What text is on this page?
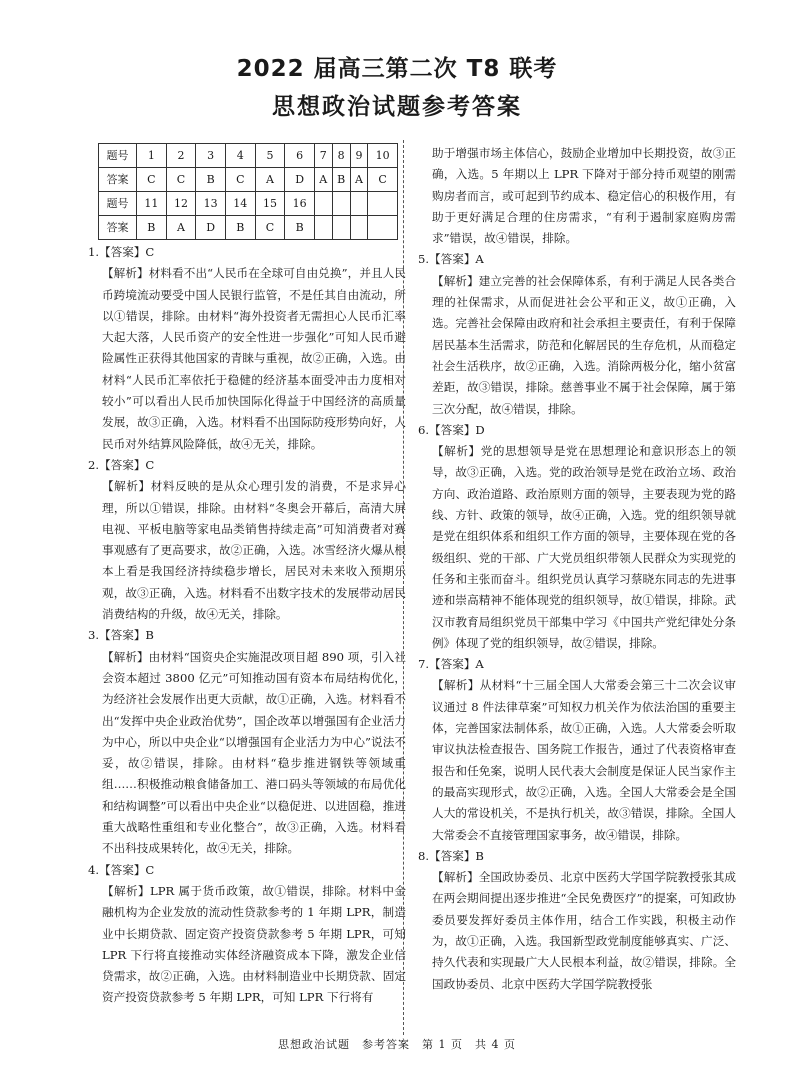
2022 届高三第二次 T8 联考
思想政治试题参考答案
题号	1	2	3	4	5	6	7	8	9	10
答案	C	C	B	C	A	D	A	B	A	C
题号	11	12	13	14	15	16				
答案	B	A	D	B	C	B				
1.【答案】C
【解析】材料看不出“人民币在全球可自由兑换”，并且人民币跨境流动要受中国人民银行监管，不是任其自由流动，所以①错误，排除。由材料“海外投资者无需担心人民币汇率大起大落，人民币资产的安全性进一步强化”可知人民币避险属性正获得其他国家的青睐与重视，故②正确，入选。由材料“人民币汇率依托于稳健的经济基本面受冲击力度相对较小”可以看出人民币加快国际化得益于中国经济的高质量发展，故③正确，入选。材料看不出国际防疫形势向好，人民币对外结算风险降低，故④无关，排除。
2.【答案】C
【解析】材料反映的是从众心理引发的消费，不是求异心理，所以①错误，排除。由材料“冬奥会开幕后，高清大屏电视、平板电脑等家电品类销售持续走高”可知消费者对赛事观感有了更高要求，故②正确，入选。冰雪经济火爆从根本上看是我国经济持续稳步增长，居民对未来收入预期乐观，故③正确，入选。材料看不出数字技术的发展带动居民消费结构的升级，故④无关，排除。
3.【答案】B
【解析】由材料“国资央企实施混改项目超 890 项，引入社会资本超过 3800 亿元”可知推动国有资本布局结构优化，为经济社会发展作出更大贡献，故①正确，入选。材料看不出“发挥中央企业政治优势”，国企改革以增强国有企业活力为中心，所以中央企业“以增强国有企业活力为中心”说法不妥，故②错误，排除。由材料“稳步推进钢铁等领域重组……积极推动粮食储备加工、港口码头等领域的布局优化和结构调整”可以看出中央企业“以稳促进、以进固稳，推进重大战略性重组和专业化整合”，故③正确，入选。材料看不出科技成果转化，故④无关，排除。
4.【答案】C
【解析】LPR 属于货币政策，故①错误，排除。材料中金融机构为企业发放的流动性贷款参考的 1 年期 LPR，制造业中长期贷款、固定资产投资贷款参考 5 年期 LPR，可知 LPR 下行将直接推动实体经济融资成本下降，激发企业信贷需求，故②正确，入选。由材料制造业中长期贷款、固定资产投资贷款参考 5 年期 LPR，可知 LPR 下行将有
助于增强市场主体信心，鼓励企业增加中长期投资，故③正确，入选。5 年期以上 LPR 下降对于部分持币观望的刚需购房者而言，或可起到节约成本、稳定信心的积极作用，有助于更好满足合理的住房需求，“有利于遏制家庭购房需求”错误，故④错误，排除。
5.【答案】A
【解析】建立完善的社会保障体系，有利于满足人民各类合理的社保需求，从而促进社会公平和正义，故①正确，入选。完善社会保障由政府和社会承担主要责任，有利于保障居民基本生活需求，防范和化解居民的生存危机，从而稳定社会生活秩序，故②正确，入选。消除两极分化，缩小贫富差距，故③错误，排除。慈善事业不属于社会保障，属于第三次分配，故④错误，排除。
6.【答案】D
【解析】党的思想领导是党在思想理论和意识形态上的领导，故③正确，入选。党的政治领导是党在政治立场、政治方向、政治道路、政治原则方面的领导，主要表现为党的路线、方针、政策的领导，故④正确，入选。党的组织领导就是党在组织体系和组织工作方面的领导，主要体现在党的各级组织、党的干部、广大党员组织带领人民群众为实现党的任务和主张而奋斗。组织党员认真学习蔡晓东同志的先进事迹和崇高精神不能体现党的组织领导，故①错误，排除。武汉市教育局组织党员干部集中学习《中国共产党纪律处分条例》体现了党的组织领导，故②错误，排除。
7.【答案】A
【解析】从材料“十三届全国人大常委会第三十二次会议审议通过 8 件法律草案”可知权力机关作为依法治国的重要主体，完善国家法制体系，故①正确，入选。人大常委会听取审议执法检查报告、国务院工作报告，通过了代表资格审查报告和任免案，说明人民代表大会制度是保证人民当家作主的最高实现形式，故②正确，入选。全国人大常委会是全国人大的常设机关，不是执行机关，故③错误，排除。全国人大常委会不直接管理国家事务，故④错误，排除。
8.【答案】B
【解析】全国政协委员、北京中医药大学国学院教授张其成在两会期间提出逐步推进“全民免费医疗”的提案，可知政协委员要发挥好委员主体作用，结合工作实践，积极主动作为，故①正确，入选。我国新型政党制度能够真实、广泛、持久代表和实现最广大人民根本利益，故②错误，排除。全国政协委员、北京中医药大学国学院教授张
思想政治试题　参考答案　第 1 页　共 4 页
